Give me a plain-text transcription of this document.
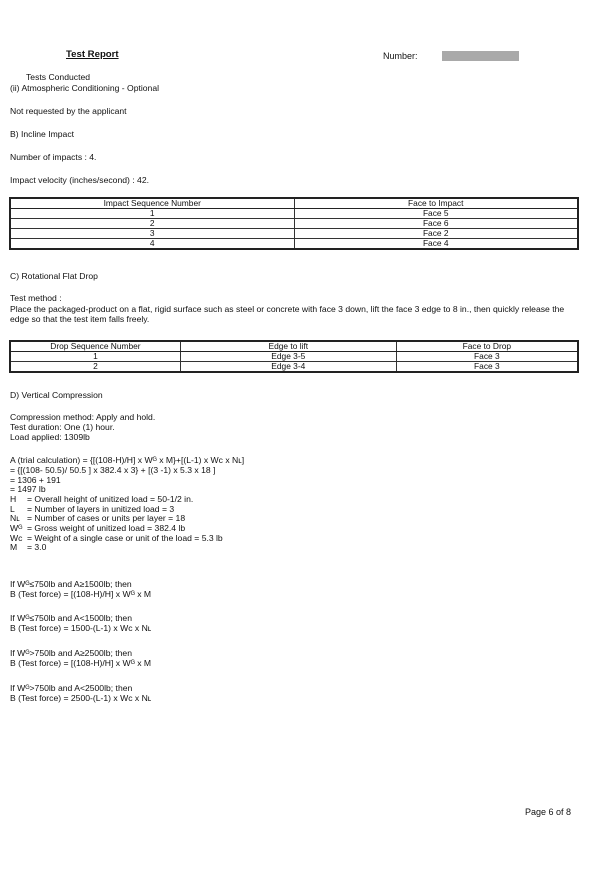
Test Report	Number:
Tests Conducted
(ii) Atmospheric Conditioning - Optional
Not requested by the applicant
B) Incline Impact
Number of impacts : 4.
Impact velocity (inches/second) : 42.
Impact Sequence Number	Face to Impact
1	Face 5
2	Face 6
3	Face 2
4	Face 4
C) Rotational Flat Drop
Test method :
Place the packaged-product on a flat, rigid surface such as steel or concrete with face 3 down, lift the face 3 edge to 8 in., then quickly release the edge so that the test item falls freely.
Drop Sequence Number	Edge to lift	Face to Drop
1	Edge 3-5	Face 3
2	Edge 3-4	Face 3
D) Vertical Compression
Compression method: Apply and hold.
Test duration: One (1) hour.
Load applied: 1309lb
A (trial calculation) = {[(108-H)/H] x Wᴳ x M}+[(L-1) x Wᴄ x Nʟ]
= {[(108- 50.5)/ 50.5 ] x 382.4 x 3} + [(3 -1) x 5.3 x 18 ]
= 1306 + 191
= 1497 lb
H = Overall height of unitized load = 50-1/2 in.
L = Number of layers in unitized load = 3
Nʟ = Number of cases or units per layer = 18
Wᴳ = Gross weight of unitized load = 382.4 lb
Wᴄ = Weight of a single case or unit of the load = 5.3 lb
M = 3.0
If Wᴳ≤750lb and A≥1500lb; then
B (Test force) = [(108-H)/H] x Wᴳ x M
If Wᴳ≤750lb and A<1500lb; then
B (Test force) = 1500-(L-1) x Wᴄ x Nʟ
If Wᴳ>750lb and A≥2500lb; then
B (Test force) = [(108-H)/H] x Wᴳ x M
If Wᴳ>750lb and A<2500lb; then
B (Test force) = 2500-(L-1) x Wᴄ x Nʟ
Page 6 of 8
